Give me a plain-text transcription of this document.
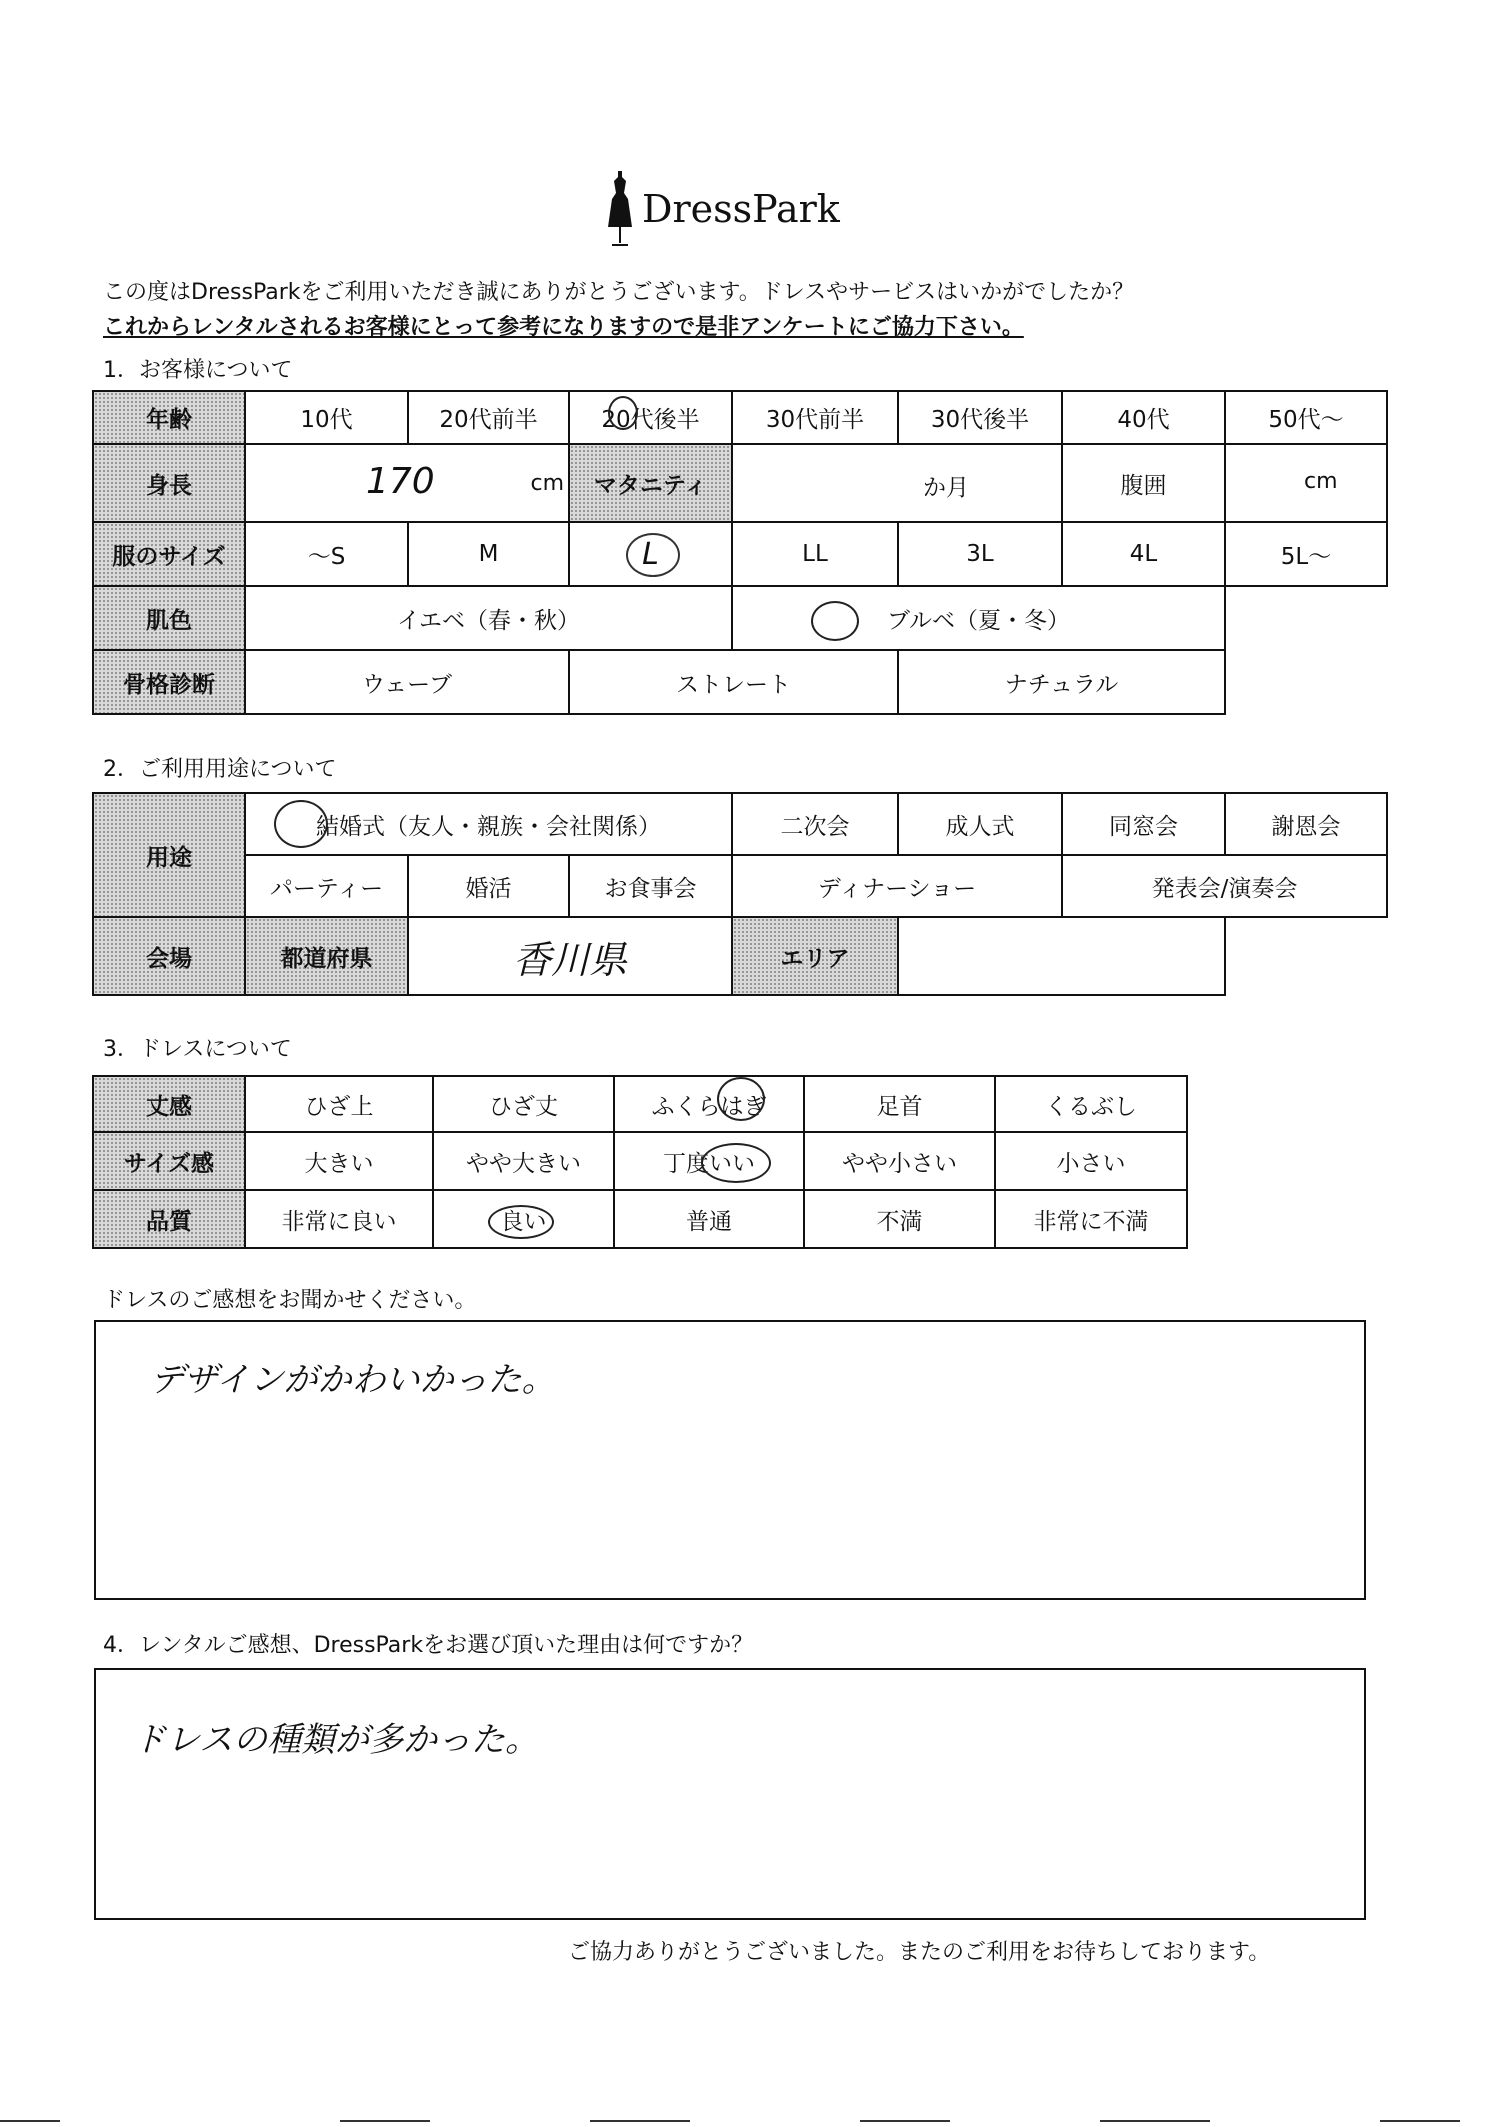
DressPark
この度はDressParkをご利用いただき誠にありがとうございます。ドレスやサービスはいかがでしたか？
これからレンタルされるお客様にとって参考になりますので是非アンケートにご協力下さい。
1．お客様について
年齢	10代	20代前半	20代後半	30代前半	30代後半	40代	50代～
身長	170 cm		マタニティ	か月		腹囲	cm

服のサイズ	～S	M	L	LL	3L	4L	5L～
肌色	イエベ（春・秋）			ブルベ（夏・冬）		

骨格診断	ウェーブ		ストレート		ナチュラル		
2．ご利用用途について
用途	結婚式（友人・親族・会社関係）			二次会	成人式	同窓会	謝恩会
	パーティー	婚活	お食事会	ディナーショー		発表会/演奏会	
会場	都道府県	香川県		エリア			
3．ドレスについて
丈感	ひざ上	ひざ丈	ふくらはぎ	足首	くるぶし
サイズ感	大きい	やや大きい	丁度いい	やや小さい	小さい
品質	非常に良い	良い	普通	不満	非常に不満
ドレスのご感想をお聞かせください。
デザインがかわいかった。
4．レンタルご感想、DressParkをお選び頂いた理由は何ですか？
ドレスの種類が多かった。
ご協力ありがとうございました。またのご利用をお待ちしております。
